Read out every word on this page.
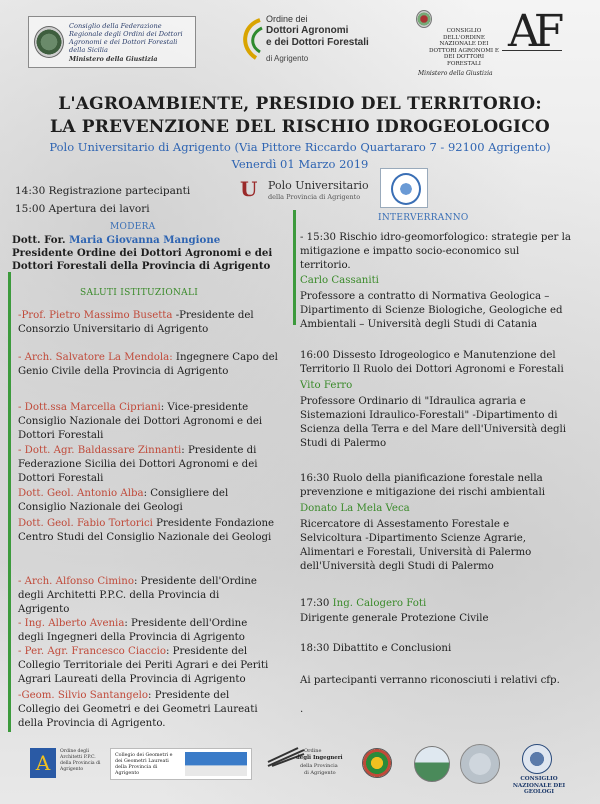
Consiglio della Federazione Regionale degli Ordini dei Dottori Agronomi e dei Dottori Forestali della Sicilia
Ministero della Giustizia
Ordine dei
Dottori Agronomi
e dei Dottori Forestali
di Agrigento
CONSIGLIO DELL'ORDINE NAZIONALE DEI DOTTORI AGRONOMI E DEI DOTTORI FORESTALI
Ministero della Giustizia
AF
L'AGROAMBIENTE, PRESIDIO DEL TERRITORIO:
LA PREVENZIONE DEL RISCHIO IDROGEOLOGICO
Polo Universitario di Agrigento (Via Pittore Riccardo Quartararo 7 - 92100 Agrigento)
Venerdì 01 Marzo 2019
U Polo Universitario
della Provincia di Agrigento
14:30 Registrazione partecipanti
15:00 Apertura dei lavori
MODERA
Dott. For. Maria Giovanna Mangione
Presidente Ordine dei Dottori Agronomi e dei
Dottori Forestali della Provincia di Agrigento
SALUTI ISTITUZIONALI
-Prof. Pietro Massimo Busetta -Presidente del
Consorzio Universitario di Agrigento
- Arch. Salvatore La Mendola: Ingegnere Capo del
Genio Civile della Provincia di Agrigento
- Dott.ssa Marcella Cipriani: Vice-presidente
Consiglio Nazionale dei Dottori Agronomi e dei
Dottori Forestali
- Dott. Agr. Baldassare Zinnanti: Presidente di
Federazione Sicilia dei Dottori Agronomi e dei
Dottori Forestali
Dott. Geol. Antonio Alba: Consigliere del
Consiglio Nazionale dei Geologi
Dott. Geol. Fabio Tortorici Presidente Fondazione
Centro Studi del Consiglio Nazionale dei Geologi
- Arch. Alfonso Cimino: Presidente dell'Ordine
degli Architetti P.P.C. della Provincia di
Agrigento
- Ing. Alberto Avenia: Presidente dell'Ordine
degli Ingegneri della Provincia di Agrigento
- Per. Agr. Francesco Ciaccio: Presidente del
Collegio Territoriale dei Periti Agrari e dei Periti
Agrari Laureati della Provincia di Agrigento
-Geom. Silvio Santangelo: Presidente del
Collegio dei Geometri e dei Geometri Laureati
della Provincia di Agrigento.
INTERVERRANNO
- 15:30 Rischio idro-geomorfologico: strategie per la
mitigazione e impatto socio-economico sul
territorio.
Carlo Cassaniti
Professore a contratto di Normativa Geologica –
Dipartimento di Scienze Biologiche, Geologiche ed
Ambientali – Università degli Studi di Catania
16:00 Dissesto Idrogeologico e Manutenzione del
Territorio Il Ruolo dei Dottori Agronomi e Forestali
Vito Ferro
Professore Ordinario di "Idraulica agraria e
Sistemazioni Idraulico-Forestali" -Dipartimento di
Scienza della Terra e del Mare dell'Università degli
Studi di Palermo
16:30 Ruolo della pianificazione forestale nella
prevenzione e mitigazione dei rischi ambientali
Donato La Mela Veca
Ricercatore di Assestamento Forestale e
Selvicoltura -Dipartimento Scienze Agrarie,
Alimentari e Forestali, Università di Palermo
dell'Università degli Studi di Palermo
17:30 Ing. Calogero Foti
Dirigente generale Protezione Civile
18:30 Dibattito e Conclusioni
Ai partecipanti verranno riconosciuti i relativi cfp.
.
A	Ordine degli Architetti P.P.C. della Provincia di Agrigento
Collegio dei Geometri e dei Geometri Laureati della Provincia di Agrigento
Ordine
degli Ingegneri
della Provincia
di Agrigento
CONSIGLIO NAZIONALE DEI GEOLOGI
